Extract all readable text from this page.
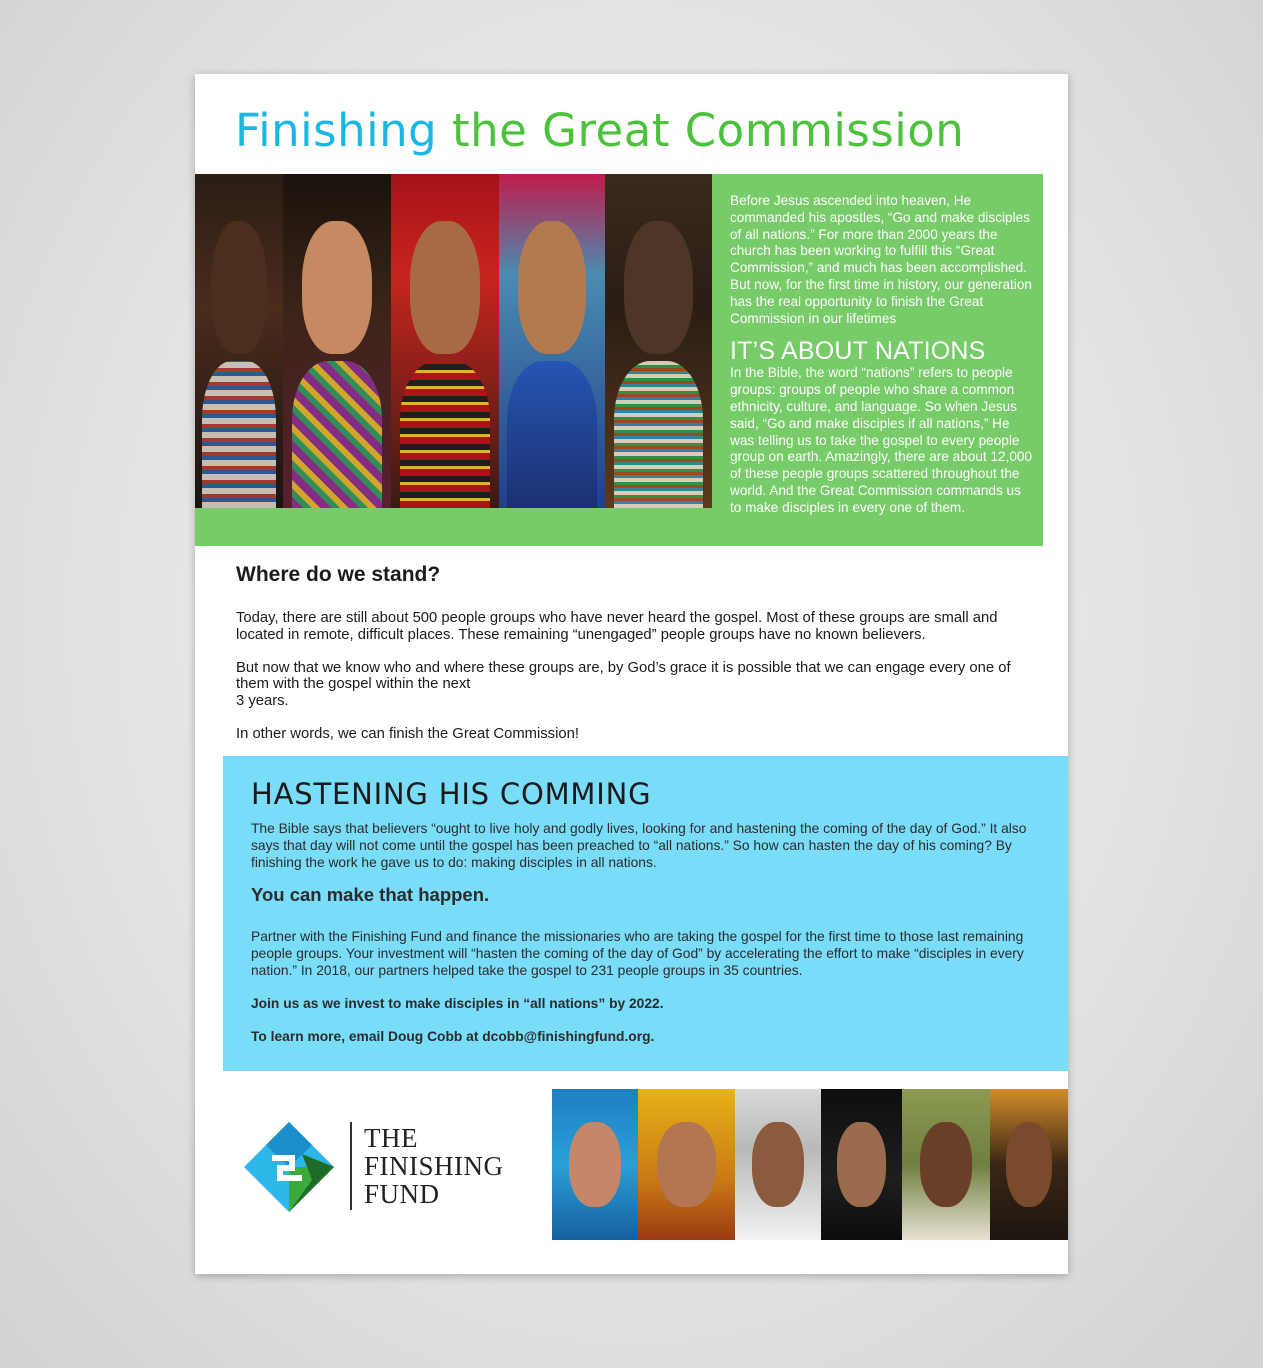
Finishing the Great Commission

Before Jesus ascended into heaven, He commanded his apostles, “Go and make disciples of all nations.” For more than 2000 years the church has been working to fulfill this “Great Commission,” and much has been accomplished. But now, for the first time in history, our generation has the real opportunity to finish the Great Commission in our lifetimes

IT’S ABOUT NATIONS

In the Bible, the word “nations” refers to people groups: groups of people who share a common ethnicity, culture, and language. So when Jesus said, “Go and make disciples if all nations,” He was telling us to take the gospel to every people group on earth. Amazingly, there are about 12,000 of these people groups scattered throughout the world. And the Great Commission commands us to make disciples in every one of them.

Where do we stand?

Today, there are still about 500 people groups who have never heard the gospel. Most of these groups are small and located in remote, difficult places. These remaining “unengaged” people groups have no known believers.

But now that we know who and where these groups are, by God’s grace it is possible that we can engage every one of them with the gospel within the next
3 years.

In other words, we can finish the Great Commission!

HASTENING HIS COMMING

The Bible says that believers “ought to live holy and godly lives, looking for and hastening the coming of the day of God.” It also says that day will not come until the gospel has been preached to “all nations.” So how can hasten the day of his coming? By finishing the work he gave us to do: making disciples in all nations.

You can make that happen.

Partner with the Finishing Fund and finance the missionaries who are taking the gospel for the first time to those last remaining people groups. Your investment will “hasten the coming of the day of God” by accelerating the effort to make “disciples in every nation.” In 2018, our partners helped take the gospel to 231 people groups in 35 countries.

Join us as we invest to make disciples in “all nations” by 2022.

To learn more, email Doug Cobb at dcobb@finishingfund.org.

THE
FINISHING
FUND
